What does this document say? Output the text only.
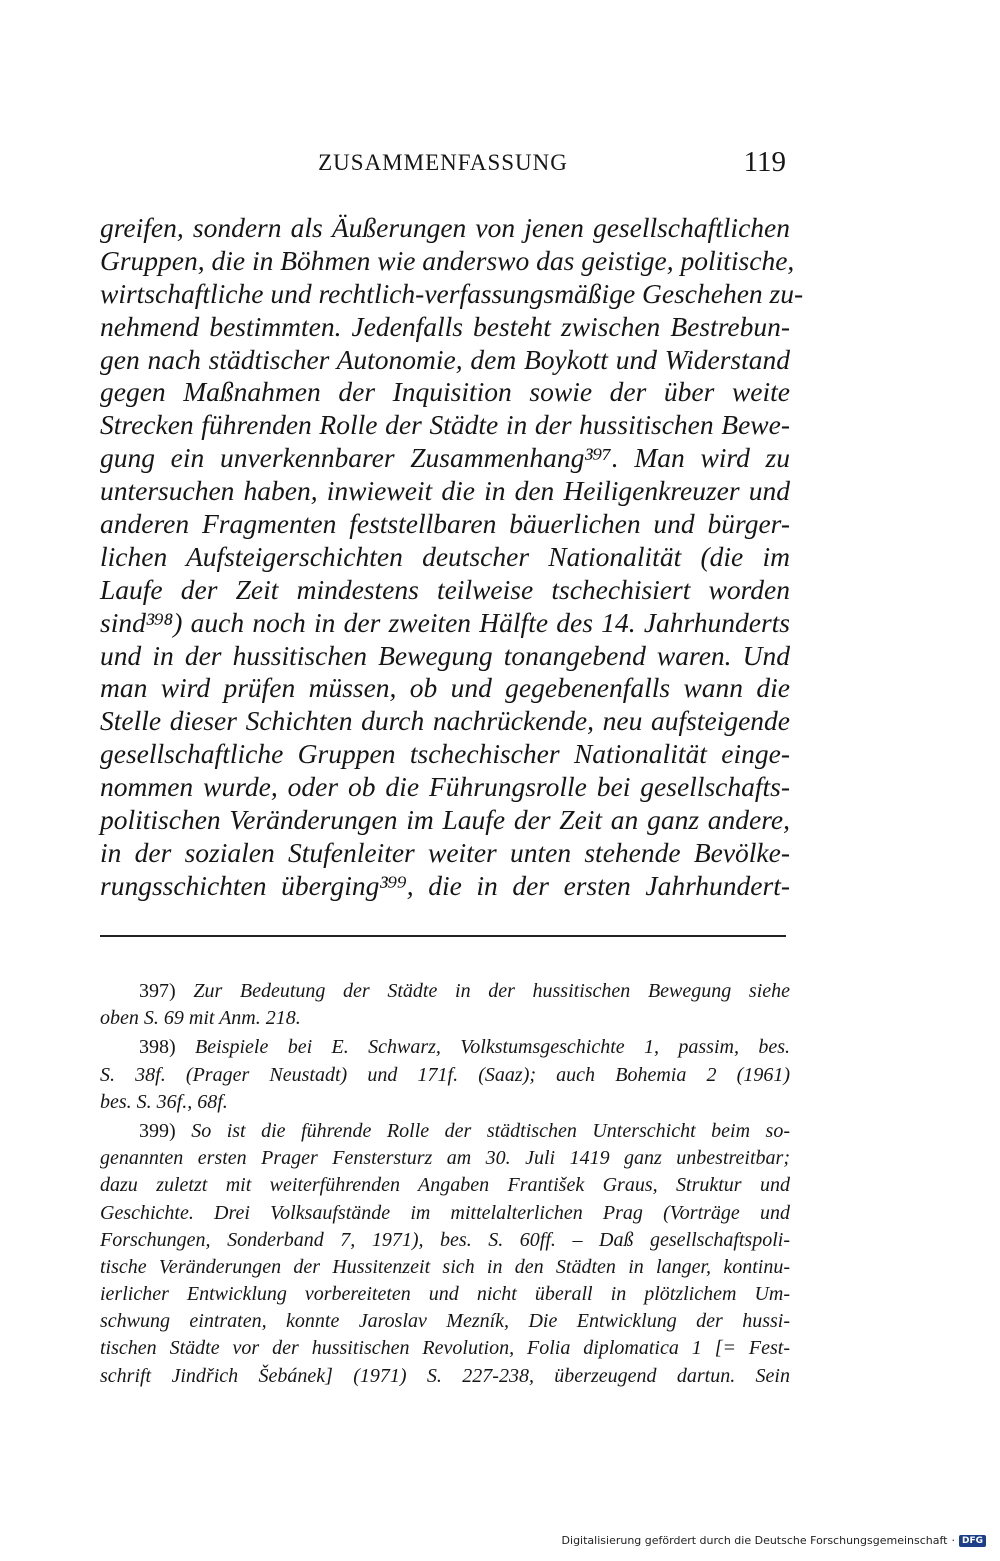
ZUSAMMENFASSUNG	119
greifen, sondern als Äußerungen von jenen gesellschaftlichen
Gruppen, die in Böhmen wie anderswo das geistige, politische,
wirtschaftliche und rechtlich-verfassungsmäßige Geschehen zu-
nehmend bestimmten. Jedenfalls besteht zwischen Bestrebun-
gen nach städtischer Autonomie, dem Boykott und Widerstand
gegen Maßnahmen der Inquisition sowie der über weite
Strecken führenden Rolle der Städte in der hussitischen Bewe-
gung ein unverkennbarer Zusammenhang³⁹⁷. Man wird zu
untersuchen haben, inwieweit die in den Heiligenkreuzer und
anderen Fragmenten feststellbaren bäuerlichen und bürger-
lichen Aufsteigerschichten deutscher Nationalität (die im
Laufe der Zeit mindestens teilweise tschechisiert worden
sind³⁹⁸) auch noch in der zweiten Hälfte des 14. Jahrhunderts
und in der hussitischen Bewegung tonangebend waren. Und
man wird prüfen müssen, ob und gegebenenfalls wann die
Stelle dieser Schichten durch nachrückende, neu aufsteigende
gesellschaftliche Gruppen tschechischer Nationalität einge-
nommen wurde, oder ob die Führungsrolle bei gesellschafts-
politischen Veränderungen im Laufe der Zeit an ganz andere,
in der sozialen Stufenleiter weiter unten stehende Bevölke-
rungsschichten überging³⁹⁹, die in der ersten Jahrhundert-
397) Zur Bedeutung der Städte in der hussitischen Bewegung siehe
oben S. 69 mit Anm. 218.
398) Beispiele bei E. Schwarz, Volkstumsgeschichte 1, passim, bes.
S. 38f. (Prager Neustadt) und 171f. (Saaz); auch Bohemia 2 (1961)
bes. S. 36f., 68f.
399) So ist die führende Rolle der städtischen Unterschicht beim so-
genannten ersten Prager Fenstersturz am 30. Juli 1419 ganz unbestreitbar;
dazu zuletzt mit weiterführenden Angaben František Graus, Struktur und
Geschichte. Drei Volksaufstände im mittelalterlichen Prag (Vorträge und
Forschungen, Sonderband 7, 1971), bes. S. 60ff. – Daß gesellschaftspoli-
tische Veränderungen der Hussitenzeit sich in den Städten in langer, kontinu-
ierlicher Entwicklung vorbereiteten und nicht überall in plötzlichem Um-
schwung eintraten, konnte Jaroslav Mezník, Die Entwicklung der hussi-
tischen Städte vor der hussitischen Revolution, Folia diplomatica 1 [= Fest-
schrift Jindřich Šebánek] (1971) S. 227-238, überzeugend dartun. Sein
Digitalisierung gefördert durch die Deutsche Forschungsgemeinschaft · DFG
